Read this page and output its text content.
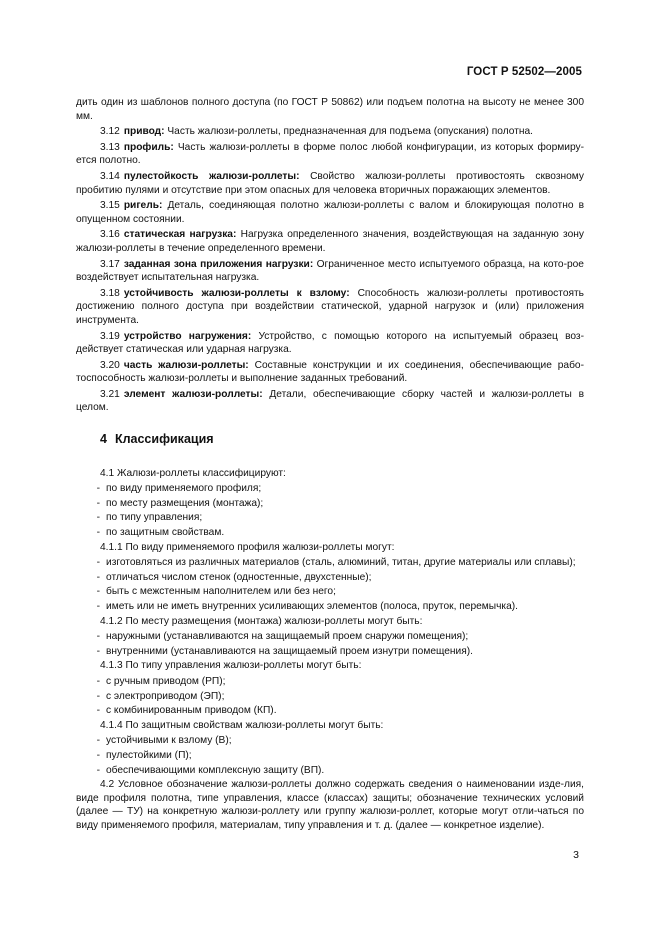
ГОСТ Р 52502—2005

дить один из шаблонов полного доступа (по ГОСТ Р 50862) или подъем полотна на высоту не менее 300 мм.

3.12 привод: Часть жалюзи-роллеты, предназначенная для подъема (опускания) полотна.

3.13 профиль: Часть жалюзи-роллеты в форме полос любой конфигурации, из которых формиру-ется полотно.

3.14 пулестойкость жалюзи-роллеты: Свойство жалюзи-роллеты противостоять сквозному пробитию пулями и отсутствие при этом опасных для человека вторичных поражающих элементов.

3.15 ригель: Деталь, соединяющая полотно жалюзи-роллеты с валом и блокирующая полотно в опущенном состоянии.

3.16 статическая нагрузка: Нагрузка определенного значения, воздействующая на заданную зону жалюзи-роллеты в течение определенного времени.

3.17 заданная зона приложения нагрузки: Ограниченное место испытуемого образца, на кото-рое воздействует испытательная нагрузка.

3.18 устойчивость жалюзи-роллеты к взлому: Способность жалюзи-роллеты противостоять достижению полного доступа при воздействии статической, ударной нагрузок и (или) приложения инструмента.

3.19 устройство нагружения: Устройство, с помощью которого на испытуемый образец воз-действует статическая или ударная нагрузка.

3.20 часть жалюзи-роллеты: Составные конструкции и их соединения, обеспечивающие рабо-тоспособность жалюзи-роллеты и выполнение заданных требований.

3.21 элемент жалюзи-роллеты: Детали, обеспечивающие сборку частей и жалюзи-роллеты в целом.

4 Классификация

4.1 Жалюзи-роллеты классифицируют:

- по виду применяемого профиля;
- по месту размещения (монтажа);
- по типу управления;
- по защитным свойствам.

4.1.1 По виду применяемого профиля жалюзи-роллеты могут:

- изготовляться из различных материалов (сталь, алюминий, титан, другие материалы или сплавы);
- отличаться числом стенок (одностенные, двухстенные);
- быть с межстенным наполнителем или без него;
- иметь или не иметь внутренних усиливающих элементов (полоса, пруток, перемычка).

4.1.2 По месту размещения (монтажа) жалюзи-роллеты могут быть:

- наружными (устанавливаются на защищаемый проем снаружи помещения);
- внутренними (устанавливаются на защищаемый проем изнутри помещения).

4.1.3 По типу управления жалюзи-роллеты могут быть:

- с ручным приводом (РП);
- с электроприводом (ЭП);
- с комбинированным приводом (КП).

4.1.4 По защитным свойствам жалюзи-роллеты могут быть:

- устойчивыми к взлому (В);
- пулестойкими (П);
- обеспечивающими комплексную защиту (ВП).

4.2 Условное обозначение жалюзи-роллеты должно содержать сведения о наименовании изде-лия, виде профиля полотна, типе управления, классе (классах) защиты; обозначение технических условий (далее — ТУ) на конкретную жалюзи-роллету или группу жалюзи-роллет, которые могут отли-чаться по виду применяемого профиля, материалам, типу управления и т. д. (далее — конкретное изделие).

3
